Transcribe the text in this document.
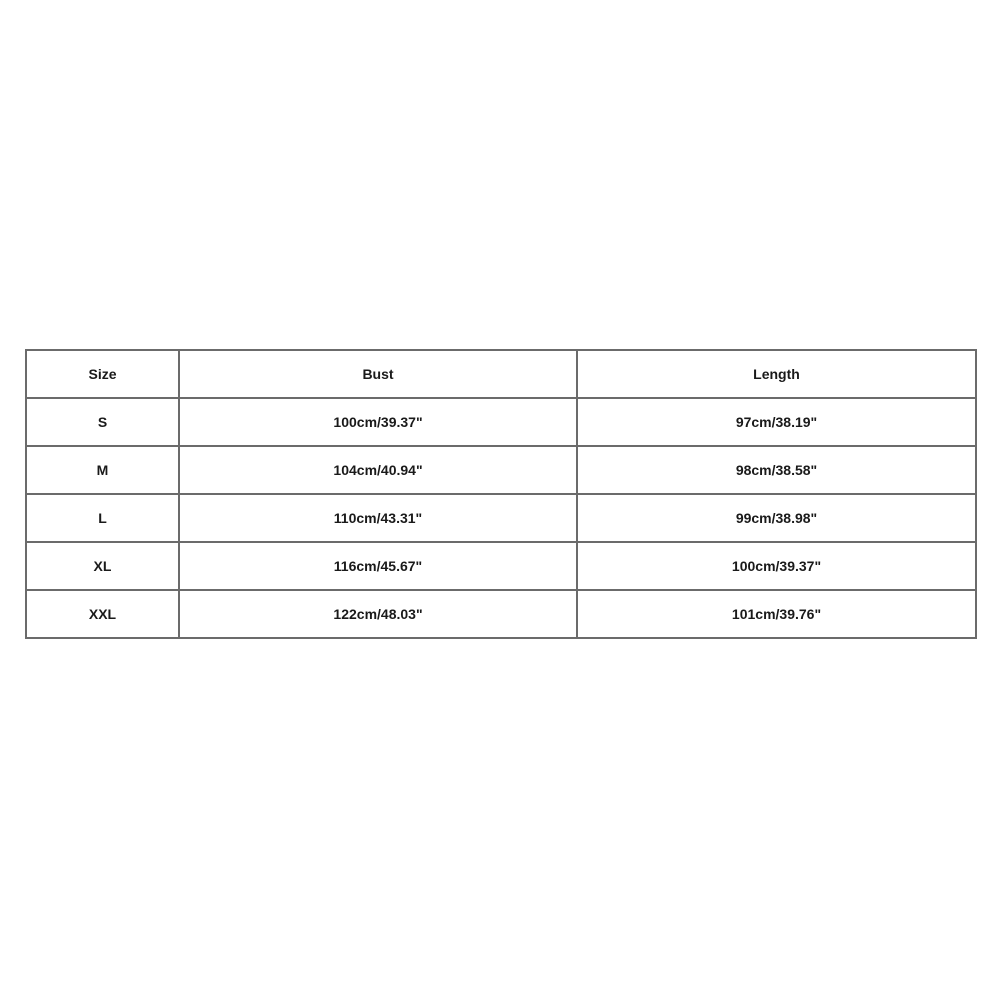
Size	Bust	Length
S	100cm/39.37"	97cm/38.19"
M	104cm/40.94"	98cm/38.58"
L	110cm/43.31"	99cm/38.98"
XL	116cm/45.67"	100cm/39.37"
XXL	122cm/48.03"	101cm/39.76"
